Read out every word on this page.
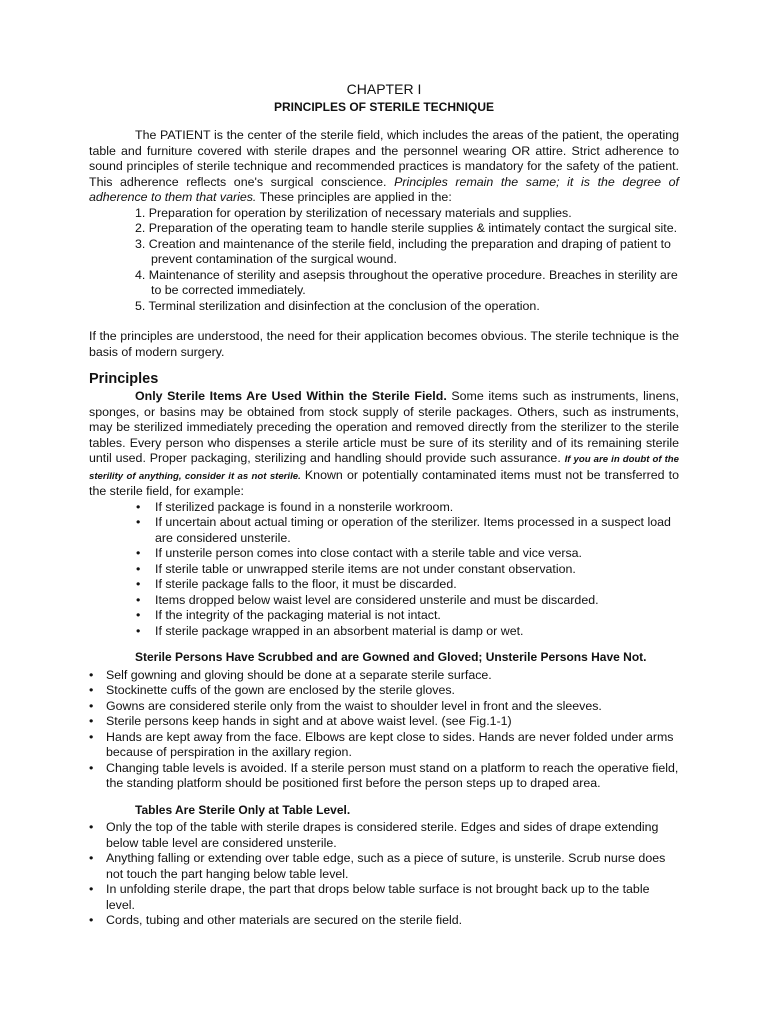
CHAPTER I

PRINCIPLES OF STERILE TECHNIQUE

The PATIENT is the center of the sterile field, which includes the areas of the patient, the operating table and furniture covered with sterile drapes and the personnel wearing OR attire. Strict adherence to sound principles of sterile technique and recommended practices is mandatory for the safety of the patient. This adherence reflects one's surgical conscience. Principles remain the same; it is the degree of adherence to them that varies. These principles are applied in the:

1. Preparation for operation by sterilization of necessary materials and supplies.
2. Preparation of the operating team to handle sterile supplies & intimately contact the surgical site.
3. Creation and maintenance of the sterile field, including the preparation and draping of patient to prevent contamination of the surgical wound.
4. Maintenance of sterility and asepsis throughout the operative procedure. Breaches in sterility are to be corrected immediately.
5. Terminal sterilization and disinfection at the conclusion of the operation.

If the principles are understood, the need for their application becomes obvious. The sterile technique is the basis of modern surgery.

Principles

Only Sterile Items Are Used Within the Sterile Field. Some items such as instruments, linens, sponges, or basins may be obtained from stock supply of sterile packages. Others, such as instruments, may be sterilized immediately preceding the operation and removed directly from the sterilizer to the sterile tables. Every person who dispenses a sterile article must be sure of its sterility and of its remaining sterile until used. Proper packaging, sterilizing and handling should provide such assurance. If you are in doubt of the sterility of anything, consider it as not sterile. Known or potentially contaminated items must not be transferred to the sterile field, for example:

• If sterilized package is found in a nonsterile workroom.
• If uncertain about actual timing or operation of the sterilizer. Items processed in a suspect load are considered unsterile.
• If unsterile person comes into close contact with a sterile table and vice versa.
• If sterile table or unwrapped sterile items are not under constant observation.
• If sterile package falls to the floor, it must be discarded.
• Items dropped below waist level are considered unsterile and must be discarded.
• If the integrity of the packaging material is not intact.
• If sterile package wrapped in an absorbent material is damp or wet.

Sterile Persons Have Scrubbed and are Gowned and Gloved; Unsterile Persons Have Not.

• Self gowning and gloving should be done at a separate sterile surface.
• Stockinette cuffs of the gown are enclosed by the sterile gloves.
• Gowns are considered sterile only from the waist to shoulder level in front and the sleeves.
• Sterile persons keep hands in sight and at above waist level. (see Fig.1-1)
• Hands are kept away from the face. Elbows are kept close to sides. Hands are never folded under arms because of perspiration in the axillary region.
• Changing table levels is avoided. If a sterile person must stand on a platform to reach the operative field, the standing platform should be positioned first before the person steps up to draped area.

Tables Are Sterile Only at Table Level.

• Only the top of the table with sterile drapes is considered sterile. Edges and sides of drape extending below table level are considered unsterile.
• Anything falling or extending over table edge, such as a piece of suture, is unsterile. Scrub nurse does not touch the part hanging below table level.
• In unfolding sterile drape, the part that drops below table surface is not brought back up to the table level.
• Cords, tubing and other materials are secured on the sterile field.
